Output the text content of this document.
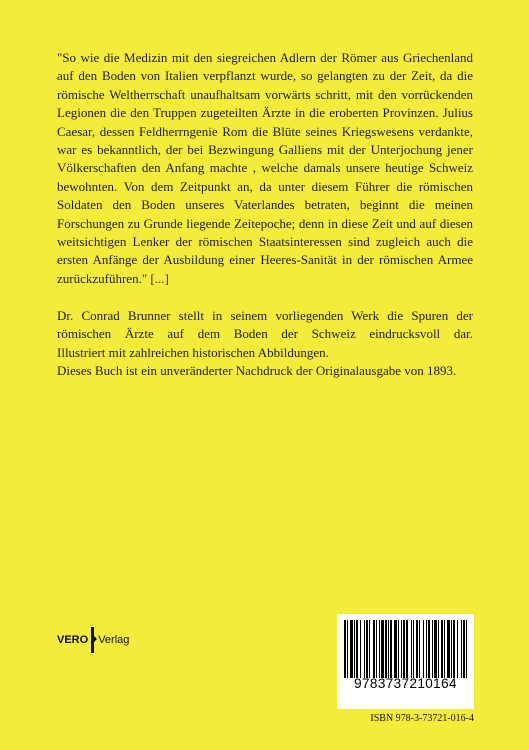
"So wie die Medizin mit den siegreichen Adlern der Römer aus Griechenland auf den Boden von Italien verpflanzt wurde, so gelangten zu der Zeit, da die römische Weltherrschaft unaufhaltsam vorwärts schritt, mit den vorrückenden Legionen die den Truppen zugeteilten Ärzte in die eroberten Provinzen. Julius Caesar, dessen Feldherrngenie Rom die Blüte seines Kriegswesens verdankte, war es bekanntlich, der bei Bezwingung Galliens mit der Unterjochung jener Völkerschaften den Anfang machte , welche damals unsere heutige Schweiz bewohnten. Von dem Zeitpunkt an, da unter diesem Führer die römischen Soldaten den Boden unseres Vaterlandes betraten, beginnt die meinen Forschungen zu Grunde liegende Zeitepoche; denn in diese Zeit und auf diesen weitsichtigen Lenker der römischen Staatsinteressen sind zugleich auch die ersten Anfänge der Ausbildung einer Heeres-Sanität in der römischen Armee zurückzuführen." [...]

Dr. Conrad Brunner stellt in seinem vorliegenden Werk die Spuren der römischen Ärzte auf dem Boden der Schweiz eindrucksvoll dar.

Illustriert mit zahlreichen historischen Abbildungen.

Dieses Buch ist ein unveränderter Nachdruck der Originalausgabe von 1893.

VERO Verlag
9783737210164
ISBN 978-3-73721-016-4
